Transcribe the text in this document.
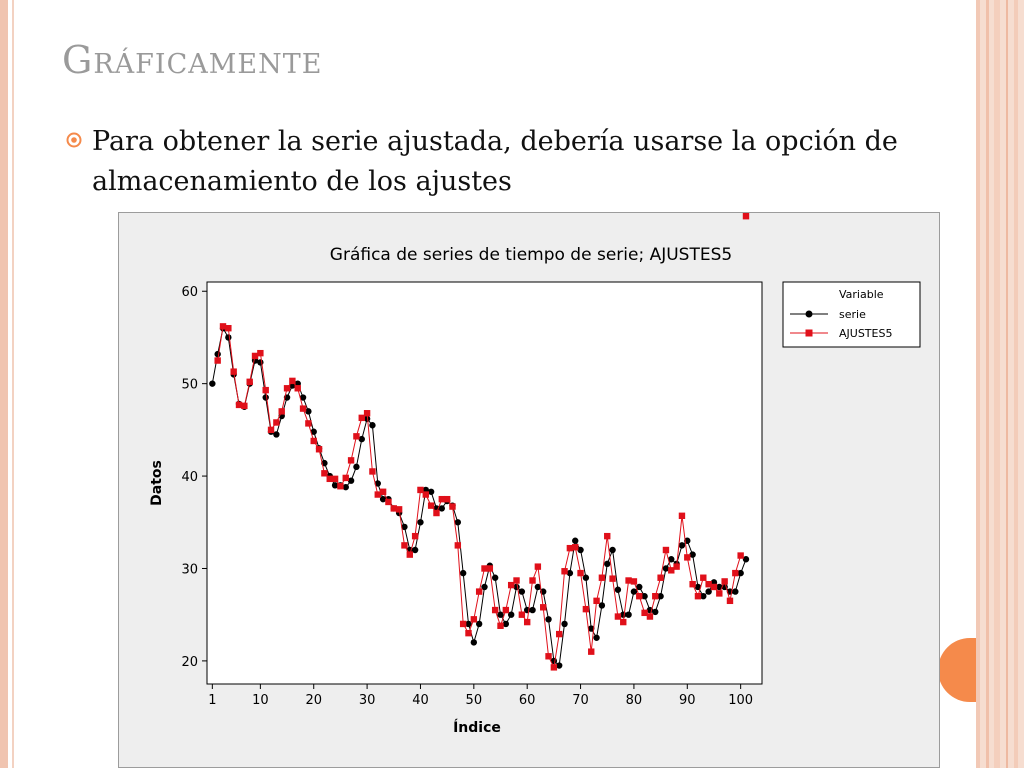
Gráficamente
Para obtener la serie ajustada, debería usarse la opción de almacenamiento de los ajustes
Gráfica de series de tiempo de serie; AJUSTES5
Índice
Datos
1	10	20	30	40	50	60	70	80	90	100
20
30
40
50
60	Variable
serie
AJUSTES5
